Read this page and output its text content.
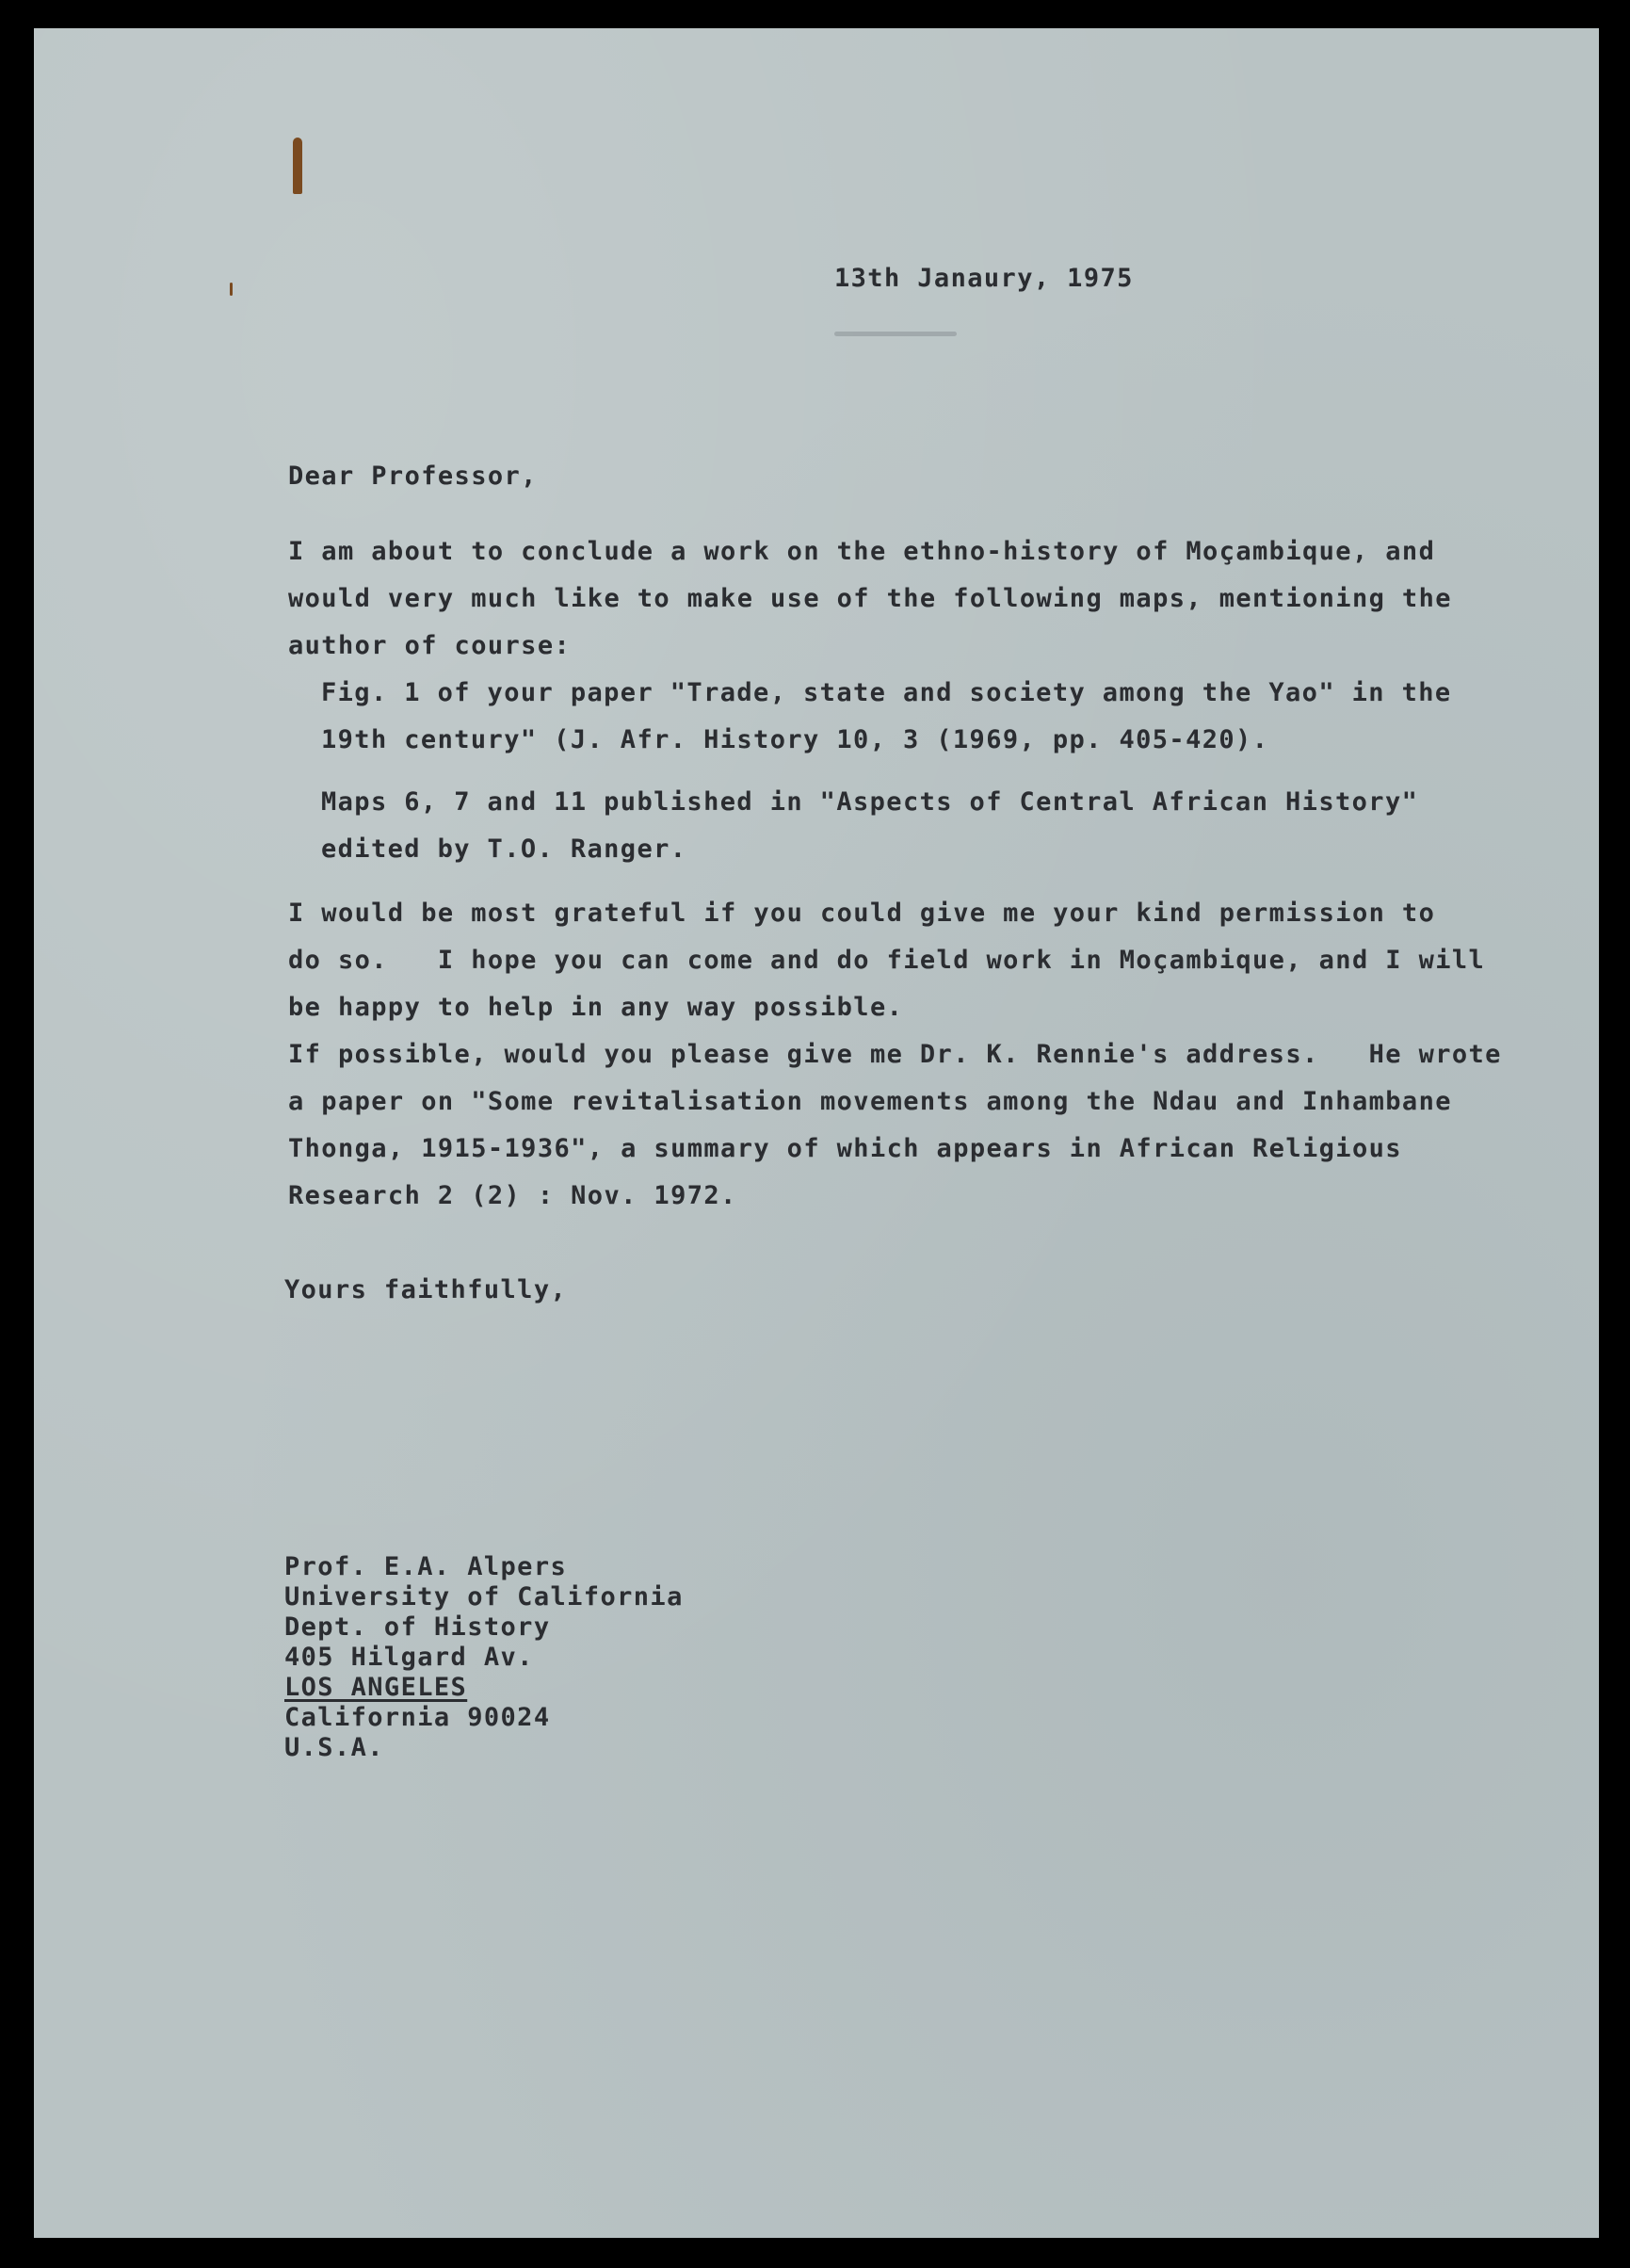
13th Janaury, 1975
Dear Professor,
I am about to conclude a work on the ethno-history of Moçambique, and
would very much like to make use of the following maps, mentioning the
author of course:
Fig. 1 of your paper "Trade, state and society among the Yao" in the
19th century" (J. Afr. History 10, 3 (1969, pp. 405-420).
Maps 6, 7 and 11 published in "Aspects of Central African History"
edited by T.O. Ranger.
I would be most grateful if you could give me your kind permission to
do so.   I hope you can come and do field work in Moçambique, and I will
be happy to help in any way possible.
If possible, would you please give me Dr. K. Rennie's address.   He wrote
a paper on "Some revitalisation movements among the Ndau and Inhambane
Thonga, 1915-1936", a summary of which appears in African Religious
Research 2 (2) : Nov. 1972.
Yours faithfully,
Prof. E.A. Alpers
University of California
Dept. of History
405 Hilgard Av.
LOS ANGELES
California 90024
U.S.A.
